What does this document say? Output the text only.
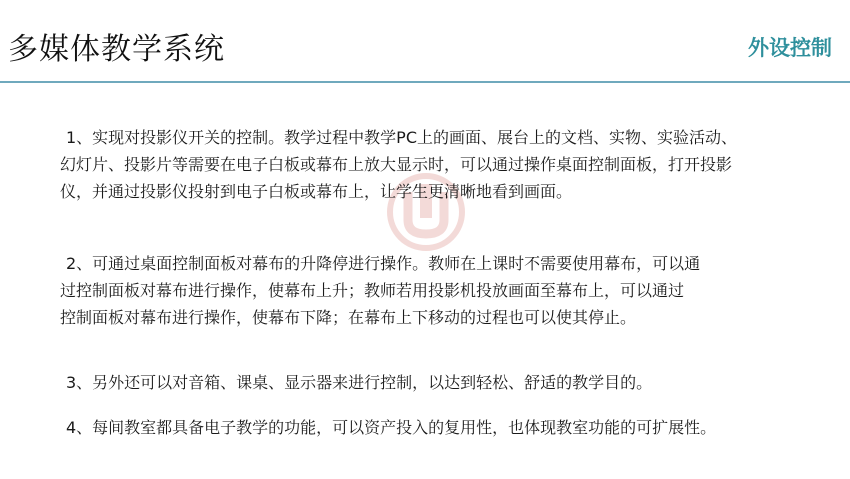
多媒体教学系统	外设控制
1、实现对投影仪开关的控制。教学过程中教学PC上的画面、展台上的文档、实物、实验活动、
幻灯片、投影片等需要在电子白板或幕布上放大显示时，可以通过操作桌面控制面板，打开投影
仪，并通过投影仪投射到电子白板或幕布上，让学生更清晰地看到画面。
2、可通过桌面控制面板对幕布的升降停进行操作。教师在上课时不需要使用幕布，可以通
过控制面板对幕布进行操作，使幕布上升；教师若用投影机投放画面至幕布上，可以通过
控制面板对幕布进行操作，使幕布下降；在幕布上下移动的过程也可以使其停止。
3、另外还可以对音箱、课桌、显示器来进行控制，以达到轻松、舒适的教学目的。
4、每间教室都具备电子教学的功能，可以资产投入的复用性，也体现教室功能的可扩展性。
